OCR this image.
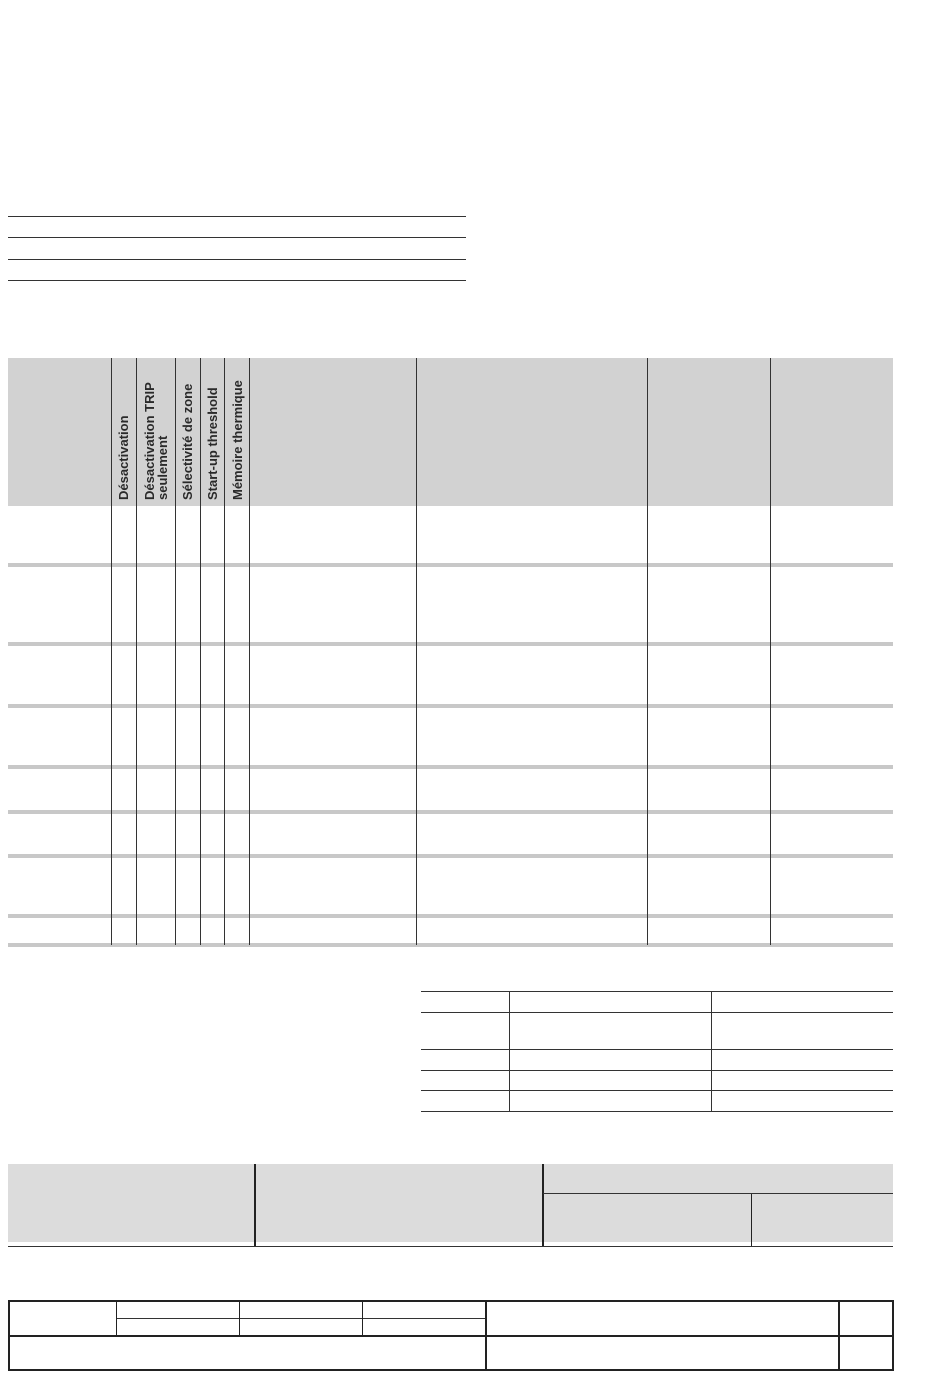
Désactivation Désactivation TRIP
seulement Sélectivité de zone Start-up threshold Mémoire thermique
